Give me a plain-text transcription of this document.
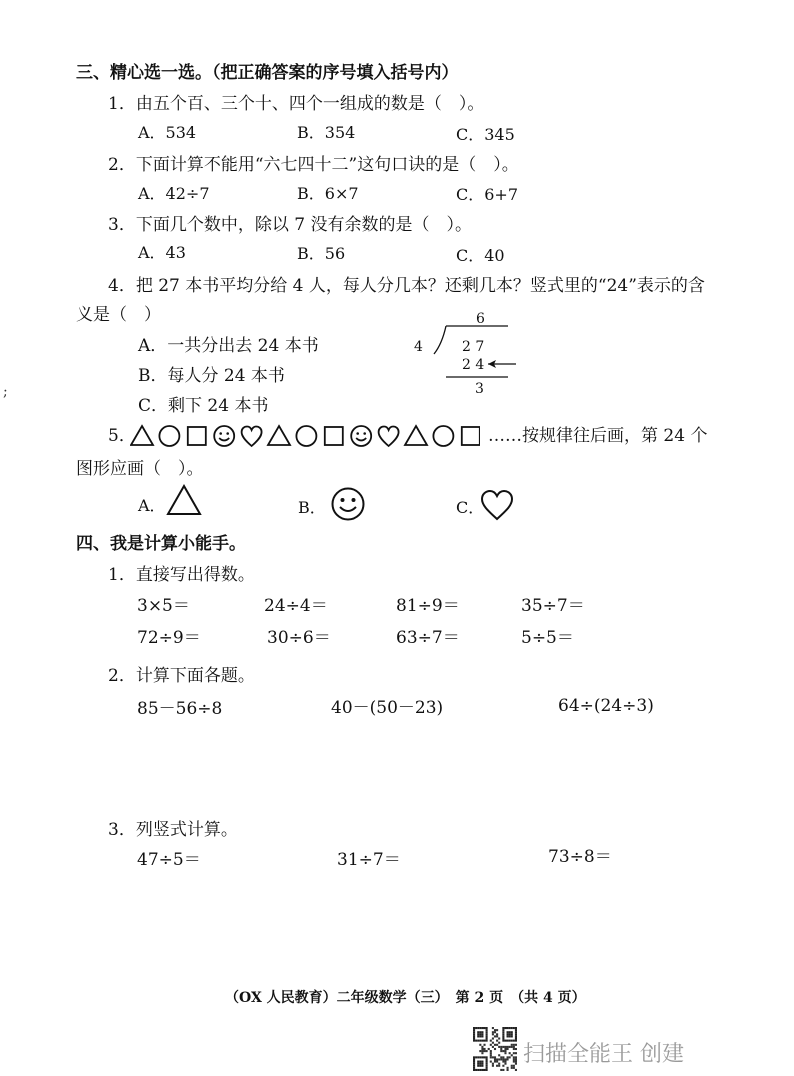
三、精心选一选。（把正确答案的序号填入括号内）
1．由五个百、三个十、四个一组成的数是（　）。
A．534	B．354	C．345
2．下面计算不能用“六七四十二”这句口诀的是（　）。
A．42÷7	B．6×7	C．6+7
3．下面几个数中，除以 7 没有余数的是（　）。
A．43	B．56	C．40
4．把 27 本书平均分给 4 人，每人分几本？还剩几本？竖式里的“24”表示的含
义是（　）
A．一共分出去 24 本书
B．每人分 24 本书
C．剩下 24 本书
6
4	2 7
2 4
3
5．	……按规律往后画，第 24 个
图形应画（　）。
A．	B．	C．
四、我是计算小能手。
1．直接写出得数。
3×5＝	24÷4＝	81÷9＝	35÷7＝
72÷9＝	30÷6＝	63÷7＝	5÷5＝
2．计算下面各题。
85－56÷8	40－(50－23)	64÷(24÷3)
3．列竖式计算。
47÷5＝	31÷7＝	73÷8＝
;
（OX 人民教育）二年级数学（三）　第 2 页　（共 4 页）
扫描全能王 创建
